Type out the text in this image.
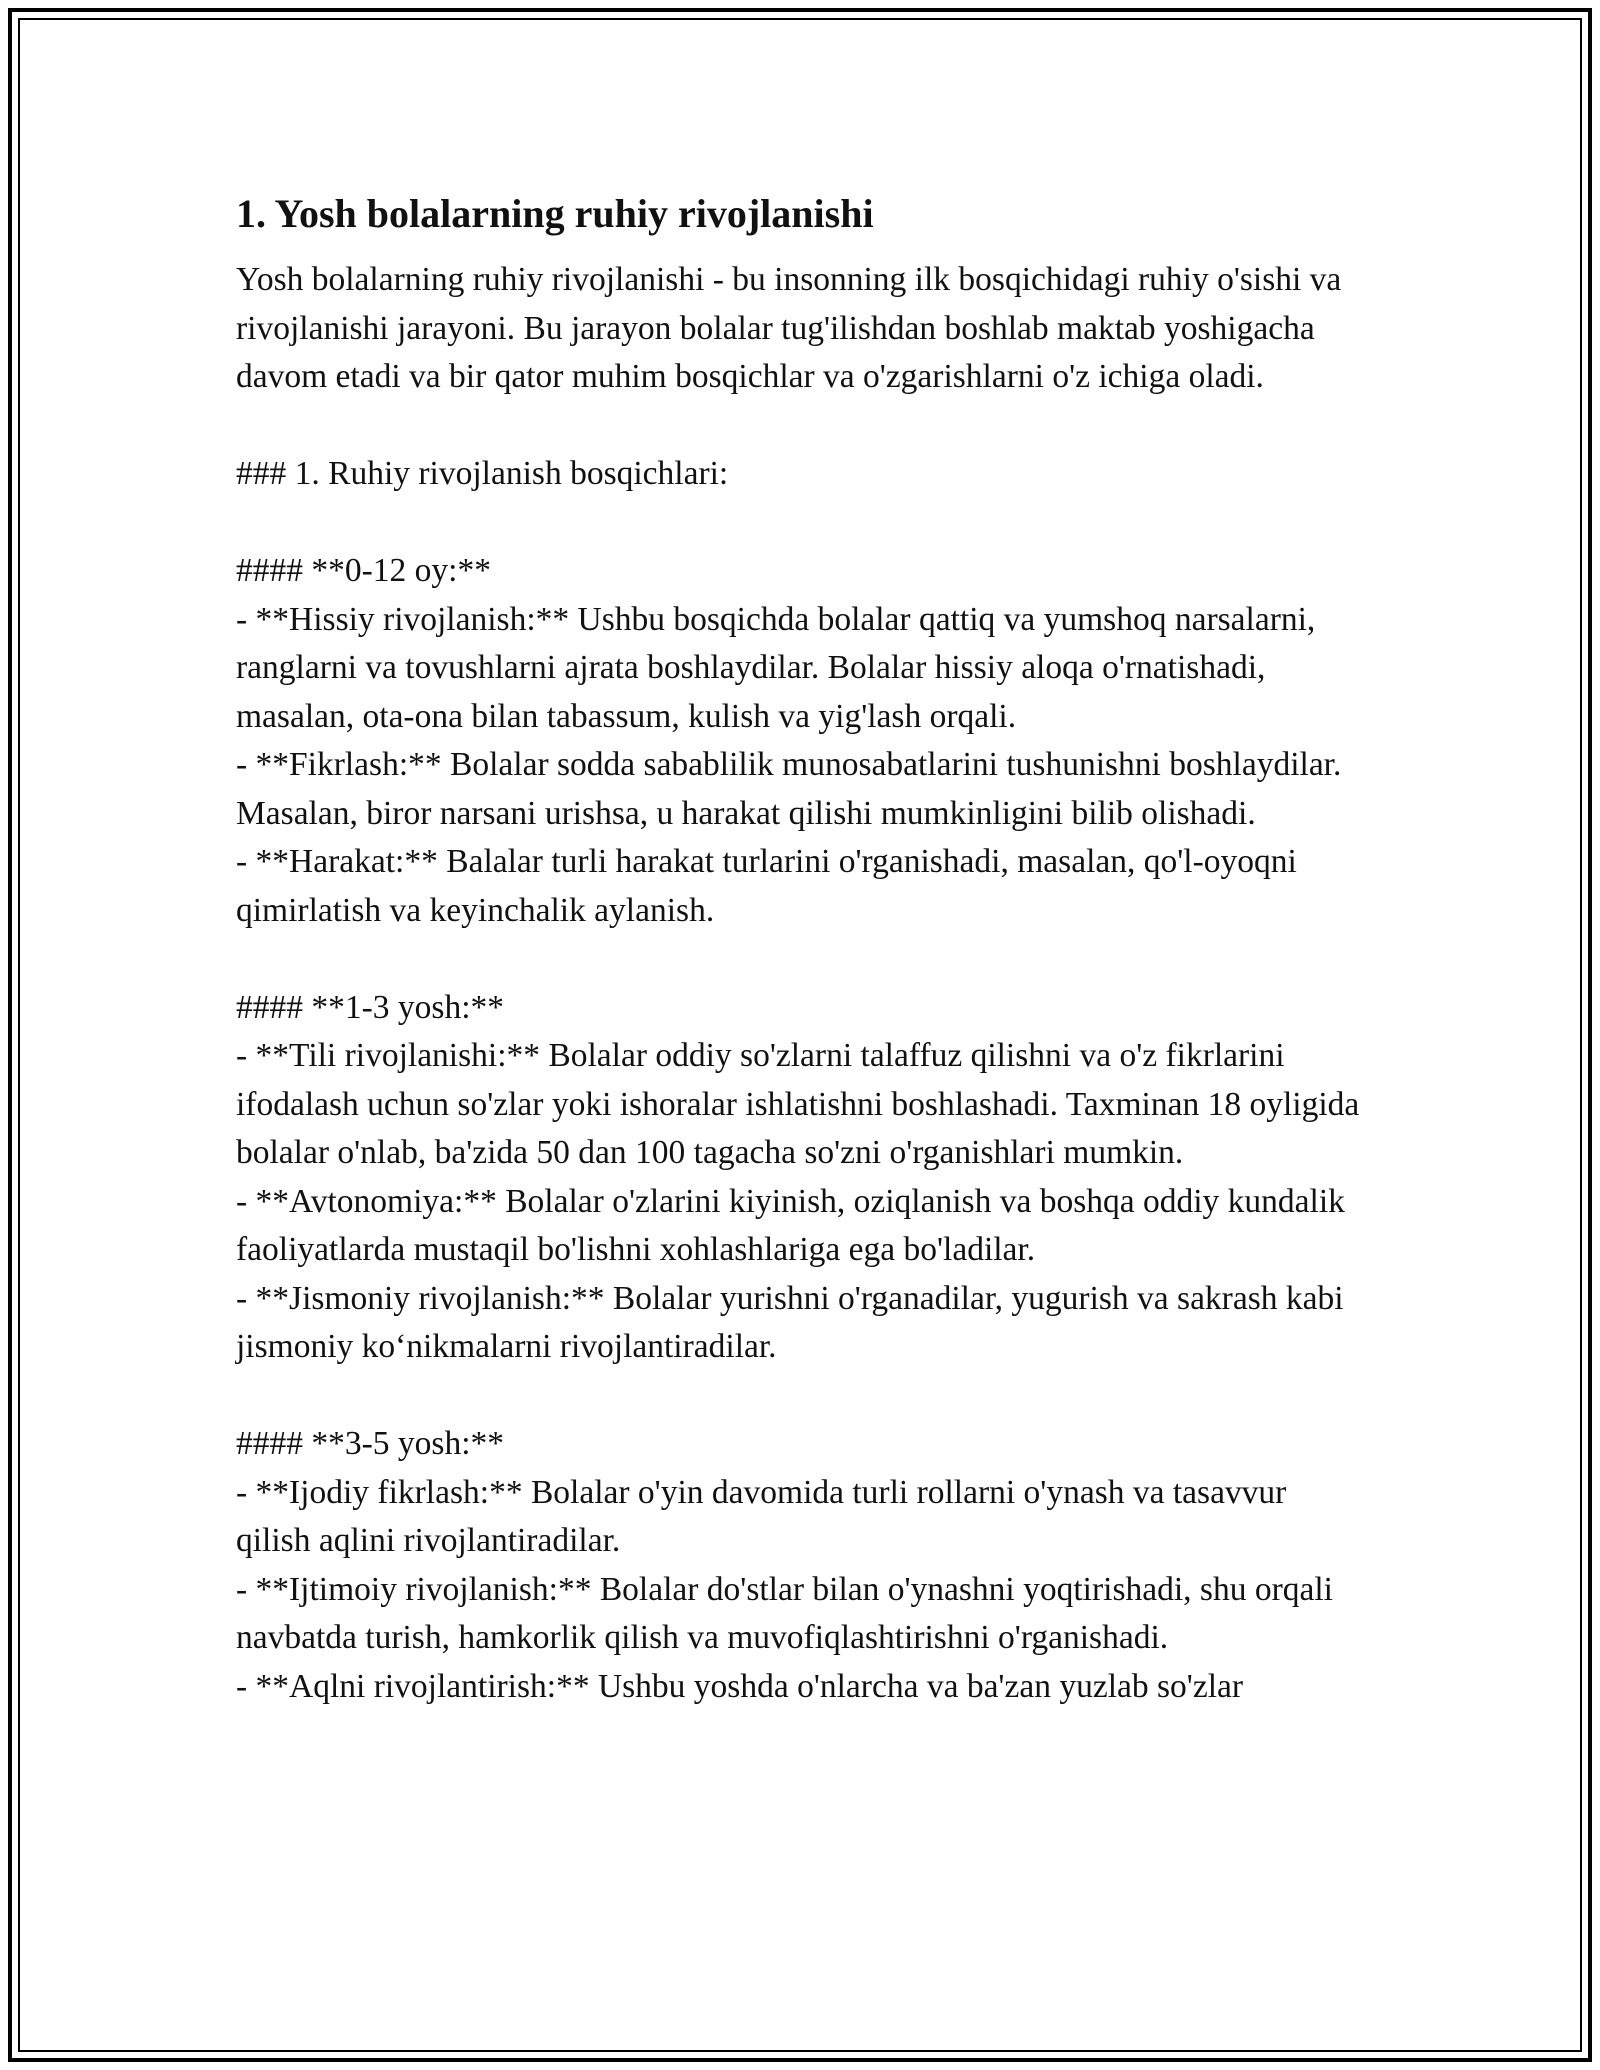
1. Yosh bolalarning ruhiy rivojlanishi

Yosh bolalarning ruhiy rivojlanishi - bu insonning ilk bosqichidagi ruhiy o'sishi va rivojlanishi jarayoni. Bu jarayon bolalar tug'ilishdan boshlab maktab yoshigacha davom etadi va bir qator muhim bosqichlar va o'zgarishlarni o'z ichiga oladi.

### 1. Ruhiy rivojlanish bosqichlari:

#### **0-12 oy:**

- **Hissiy rivojlanish:** Ushbu bosqichda bolalar qattiq va yumshoq narsalarni, ranglarni va tovushlarni ajrata boshlaydilar. Bolalar hissiy aloqa o'rnatishadi, masalan, ota-ona bilan tabassum, kulish va yig'lash orqali.

- **Fikrlash:** Bolalar sodda sabablilik munosabatlarini tushunishni boshlaydilar. Masalan, biror narsani urishsa, u harakat qilishi mumkinligini bilib olishadi.

- **Harakat:** Balalar turli harakat turlarini o'rganishadi, masalan, qo'l-oyoqni qimirlatish va keyinchalik aylanish.

#### **1-3 yosh:**

- **Tili rivojlanishi:** Bolalar oddiy so'zlarni talaffuz qilishni va o'z fikrlarini ifodalash uchun so'zlar yoki ishoralar ishlatishni boshlashadi. Taxminan 18 oyligida bolalar o'nlab, ba'zida 50 dan 100 tagacha so'zni o'rganishlari mumkin.

- **Avtonomiya:** Bolalar o'zlarini kiyinish, oziqlanish va boshqa oddiy kundalik faoliyatlarda mustaqil bo'lishni xohlashlariga ega bo'ladilar.

- **Jismoniy rivojlanish:** Bolalar yurishni o'rganadilar, yugurish va sakrash kabi jismoniy ko‘nikmalarni rivojlantiradilar.

#### **3-5 yosh:**

- **Ijodiy fikrlash:** Bolalar o'yin davomida turli rollarni o'ynash va tasavvur qilish aqlini rivojlantiradilar.

- **Ijtimoiy rivojlanish:** Bolalar do'stlar bilan o'ynashni yoqtirishadi, shu orqali navbatda turish, hamkorlik qilish va muvofiqlashtirishni o'rganishadi.

- **Aqlni rivojlantirish:** Ushbu yoshda o'nlarcha va ba'zan yuzlab so'zlar
